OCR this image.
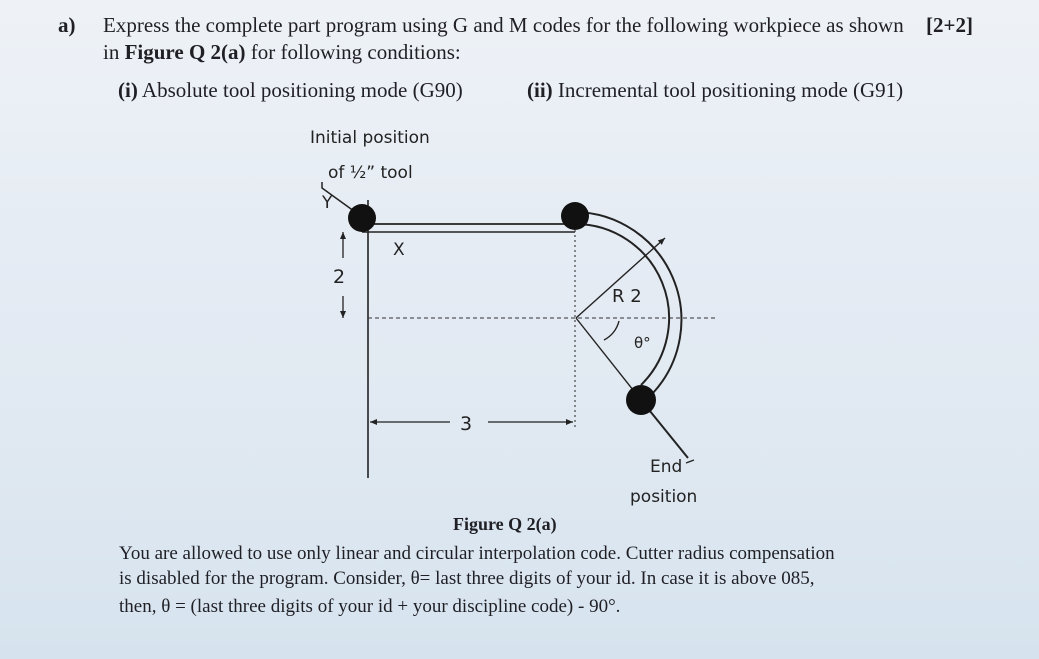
a) Express the complete part program using G and M codes for the following workpiece as shown
in Figure Q 2(a) for following conditions:
[2+2]
(i) Absolute tool positioning mode (G90)	(ii) Incremental tool positioning mode (G91)
Initial position
of ½” tool
Y
X
2
3
R 2
θ°
End
position
Figure Q 2(a)
You are allowed to use only linear and circular interpolation code. Cutter radius compensation
is disabled for the program. Consider, θ= last three digits of your id. In case it is above 085,
then, θ = (last three digits of your id + your discipline code) - 90°.
